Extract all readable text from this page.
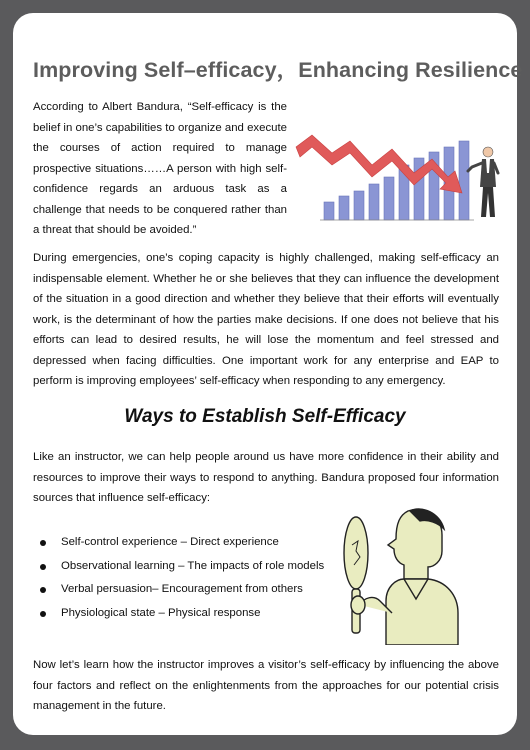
Improving Self–efficacy，Enhancing Resilience
According to Albert Bandura, “Self-efficacy is the belief in one’s capabilities to organize and execute the courses of action required to manage prospective situations……A person with high self-confidence regards an arduous task as a challenge that needs to be conquered rather than a threat that should be avoided.”
During emergencies, one’s coping capacity is highly challenged, making self-efficacy an indispensable element. Whether he or she believes that they can influence the development of the situation in a good direction and whether they believe that their efforts will eventually work, is the determinant of how the parties make decisions. If one does not believe that his efforts can lead to desired results, he will lose the momentum and feel stressed and depressed when facing difficulties. One important work for any enterprise and EAP to perform is improving employees’ self-efficacy when responding to any emergency.
Ways to Establish Self-Efficacy
Like an instructor, we can help people around us have more confidence in their ability and resources to improve their ways to respond to anything. Bandura proposed four information sources that influence self-efficacy:
Self-control experience – Direct experience
Observational learning – The impacts of role models
Verbal persuasion– Encouragement from others
Physiological state – Physical response
Now let’s learn how the instructor improves a visitor’s self-efficacy by influencing the above four factors and reflect on the enlightenments from the approaches for our potential crisis management in the future.
